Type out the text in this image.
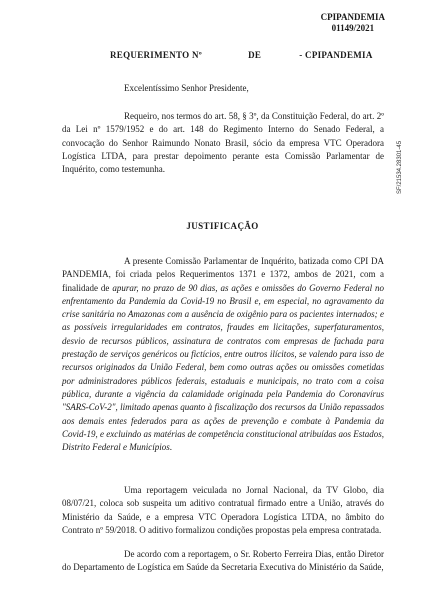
CPIPANDEMIA
01149/2021
REQUERIMENTO Nº	DE	- CPIPANDEMIA
Excelentíssimo Senhor Presidente,

Requeiro, nos termos do art. 58, § 3º, da Constituição Federal, do art. 2º da Lei nº 1579/1952 e do art. 148 do Regimento Interno do Senado Federal, a convocação do Senhor Raimundo Nonato Brasil, sócio da empresa VTC Operadora Logística LTDA, para prestar depoimento perante esta Comissão Parlamentar de Inquérito, como testemunha.	SF/21534.28301-45
JUSTIFICAÇÃO

A presente Comissão Parlamentar de Inquérito, batizada como CPI DA PANDEMIA, foi criada pelos Requerimentos 1371 e 1372, ambos de 2021, com a finalidade de apurar, no prazo de 90 dias, as ações e omissões do Governo Federal no enfrentamento da Pandemia da Covid-19 no Brasil e, em especial, no agravamento da crise sanitária no Amazonas com a ausência de oxigênio para os pacientes internados; e as possíveis irregularidades em contratos, fraudes em licitações, superfaturamentos, desvio de recursos públicos, assinatura de contratos com empresas de fachada para prestação de serviços genéricos ou fictícios, entre outros ilícitos, se valendo para isso de recursos originados da União Federal, bem como outras ações ou omissões cometidas por administradores públicos federais, estaduais e municipais, no trato com a coisa pública, durante a vigência da calamidade originada pela Pandemia do Coronavírus "SARS-CoV-2", limitado apenas quanto à fiscalização dos recursos da União repassados aos demais entes federados para as ações de prevenção e combate à Pandemia da Covid-19, e excluindo as matérias de competência constitucional atribuídas aos Estados, Distrito Federal e Municípios.

Uma reportagem veiculada no Jornal Nacional, da TV Globo, dia 08/07/21, coloca sob suspeita um aditivo contratual firmado entre a União, através do Ministério da Saúde, e a empresa VTC Operadora Logística LTDA, no âmbito do Contrato nº 59/2018. O aditivo formalizou condições propostas pela empresa contratada.

De acordo com a reportagem, o Sr. Roberto Ferreira Dias, então Diretor do Departamento de Logística em Saúde da Secretaria Executiva do Ministério da Saúde,
